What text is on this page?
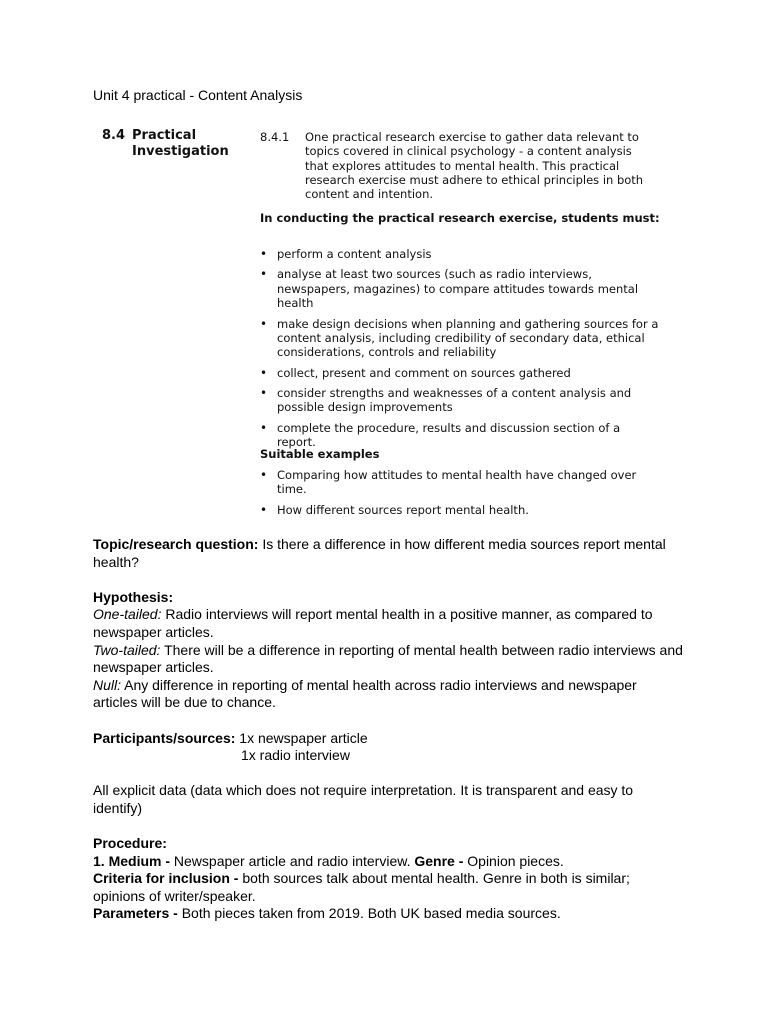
Unit 4 practical - Content Analysis
8.4 Practical Investigation
8.4.1 One practical research exercise to gather data relevant to topics covered in clinical psychology - a content analysis that explores attitudes to mental health. This practical research exercise must adhere to ethical principles in both content and intention.
In conducting the practical research exercise, students must:
• perform a content analysis
• analyse at least two sources (such as radio interviews, newspapers, magazines) to compare attitudes towards mental health
• make design decisions when planning and gathering sources for a content analysis, including credibility of secondary data, ethical considerations, controls and reliability
• collect, present and comment on sources gathered
• consider strengths and weaknesses of a content analysis and possible design improvements
• complete the procedure, results and discussion section of a report.
Suitable examples
• Comparing how attitudes to mental health have changed over time.
• How different sources report mental health.

Topic/research question: Is there a difference in how different media sources report mental health?

Hypothesis:

One-tailed: Radio interviews will report mental health in a positive manner, as compared to newspaper articles.

Two-tailed: There will be a difference in reporting of mental health between radio interviews and newspaper articles.

Null: Any difference in reporting of mental health across radio interviews and newspaper articles will be due to chance.

Participants/sources: 1x newspaper article

1x radio interview

All explicit data (data which does not require interpretation. It is transparent and easy to identify)

Procedure:

1. Medium - Newspaper article and radio interview. Genre - Opinion pieces.

Criteria for inclusion - both sources talk about mental health. Genre in both is similar; opinions of writer/speaker.

Parameters - Both pieces taken from 2019. Both UK based media sources.
